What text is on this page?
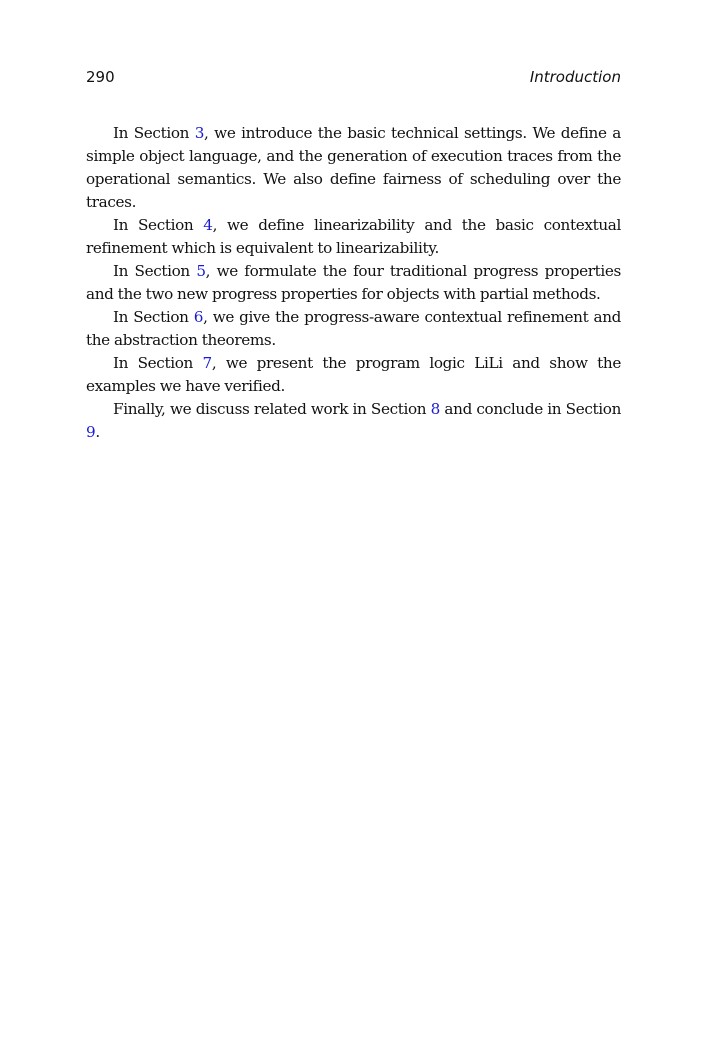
290	Introduction

In Section 3, we introduce the basic technical settings. We define a simple object language, and the generation of execution traces from the operational semantics. We also define fairness of scheduling over the traces.

In Section 4, we define linearizability and the basic contextual refinement which is equivalent to linearizability.

In Section 5, we formulate the four traditional progress properties and the two new progress properties for objects with partial methods.

In Section 6, we give the progress-aware contextual refinement and the abstraction theorems.

In Section 7, we present the program logic LiLi and show the examples we have verified.

Finally, we discuss related work in Section 8 and conclude in Section 9.
